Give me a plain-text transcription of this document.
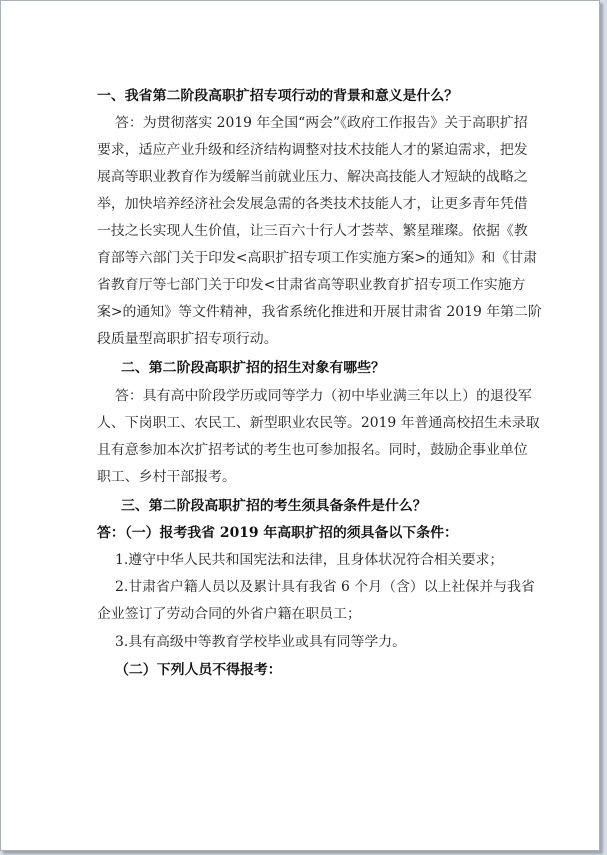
一、我省第二阶段高职扩招专项行动的背景和意义是什么？
答：为贯彻落实 2019 年全国“两会”《政府工作报告》关于高职扩招
要求，适应产业升级和经济结构调整对技术技能人才的紧迫需求，把发
展高等职业教育作为缓解当前就业压力、解决高技能人才短缺的战略之
举，加快培养经济社会发展急需的各类技术技能人才，让更多青年凭借
一技之长实现人生价值，让三百六十行人才荟萃、繁星璀璨。依据《教
育部等六部门关于印发<高职扩招专项工作实施方案>的通知》和《甘肃
省教育厅等七部门关于印发<甘肃省高等职业教育扩招专项工作实施方
案>的通知》等文件精神，我省系统化推进和开展甘肃省 2019 年第二阶
段质量型高职扩招专项行动。
二、第二阶段高职扩招的招生对象有哪些？
答：具有高中阶段学历或同等学力（初中毕业满三年以上）的退役军
人、下岗职工、农民工、新型职业农民等。2019 年普通高校招生未录取
且有意参加本次扩招考试的考生也可参加报名。同时，鼓励企事业单位
职工、乡村干部报考。
三、第二阶段高职扩招的考生须具备条件是什么？
答：（一）报考我省 2019 年高职扩招的须具备以下条件：
1.遵守中华人民共和国宪法和法律，且身体状况符合相关要求；
2.甘肃省户籍人员以及累计具有我省 6 个月（含）以上社保并与我省
企业签订了劳动合同的外省户籍在职员工；
3.具有高级中等教育学校毕业或具有同等学力。
（二）下列人员不得报考：
